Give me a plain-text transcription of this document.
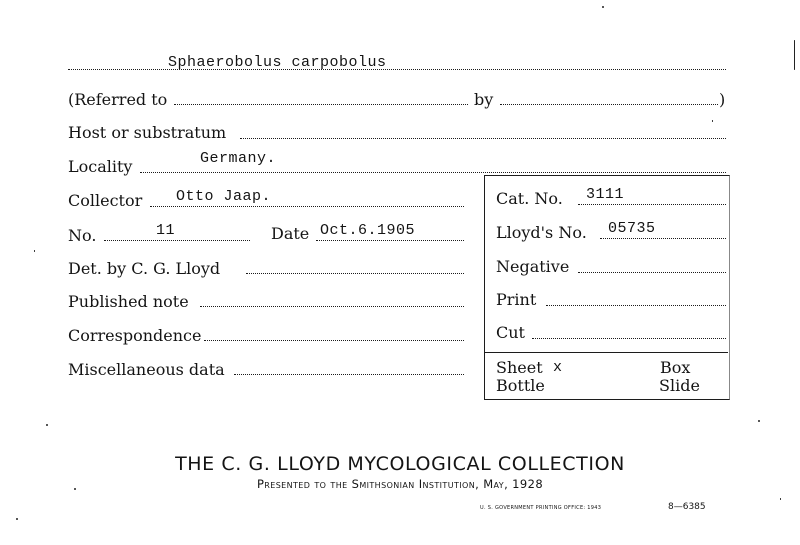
Sphaerobolus carpobolus
(Referred to	by	)
Host or substratum
Locality	Germany.
Collector Otto Jaap.
No.	11	Date Oct.6.1905
Det. by C. G. Lloyd
Published note
Correspondence
Miscellaneous data
Cat. No. 3111
Lloyd's No. 05735
Negative
Print
Cut
Sheet x	Box
Bottle	Slide
THE C. G. LLOYD MYCOLOGICAL COLLECTION
Presented to the Smithsonian Institution, May, 1928
U. S. GOVERNMENT PRINTING OFFICE: 1943	8—6385
